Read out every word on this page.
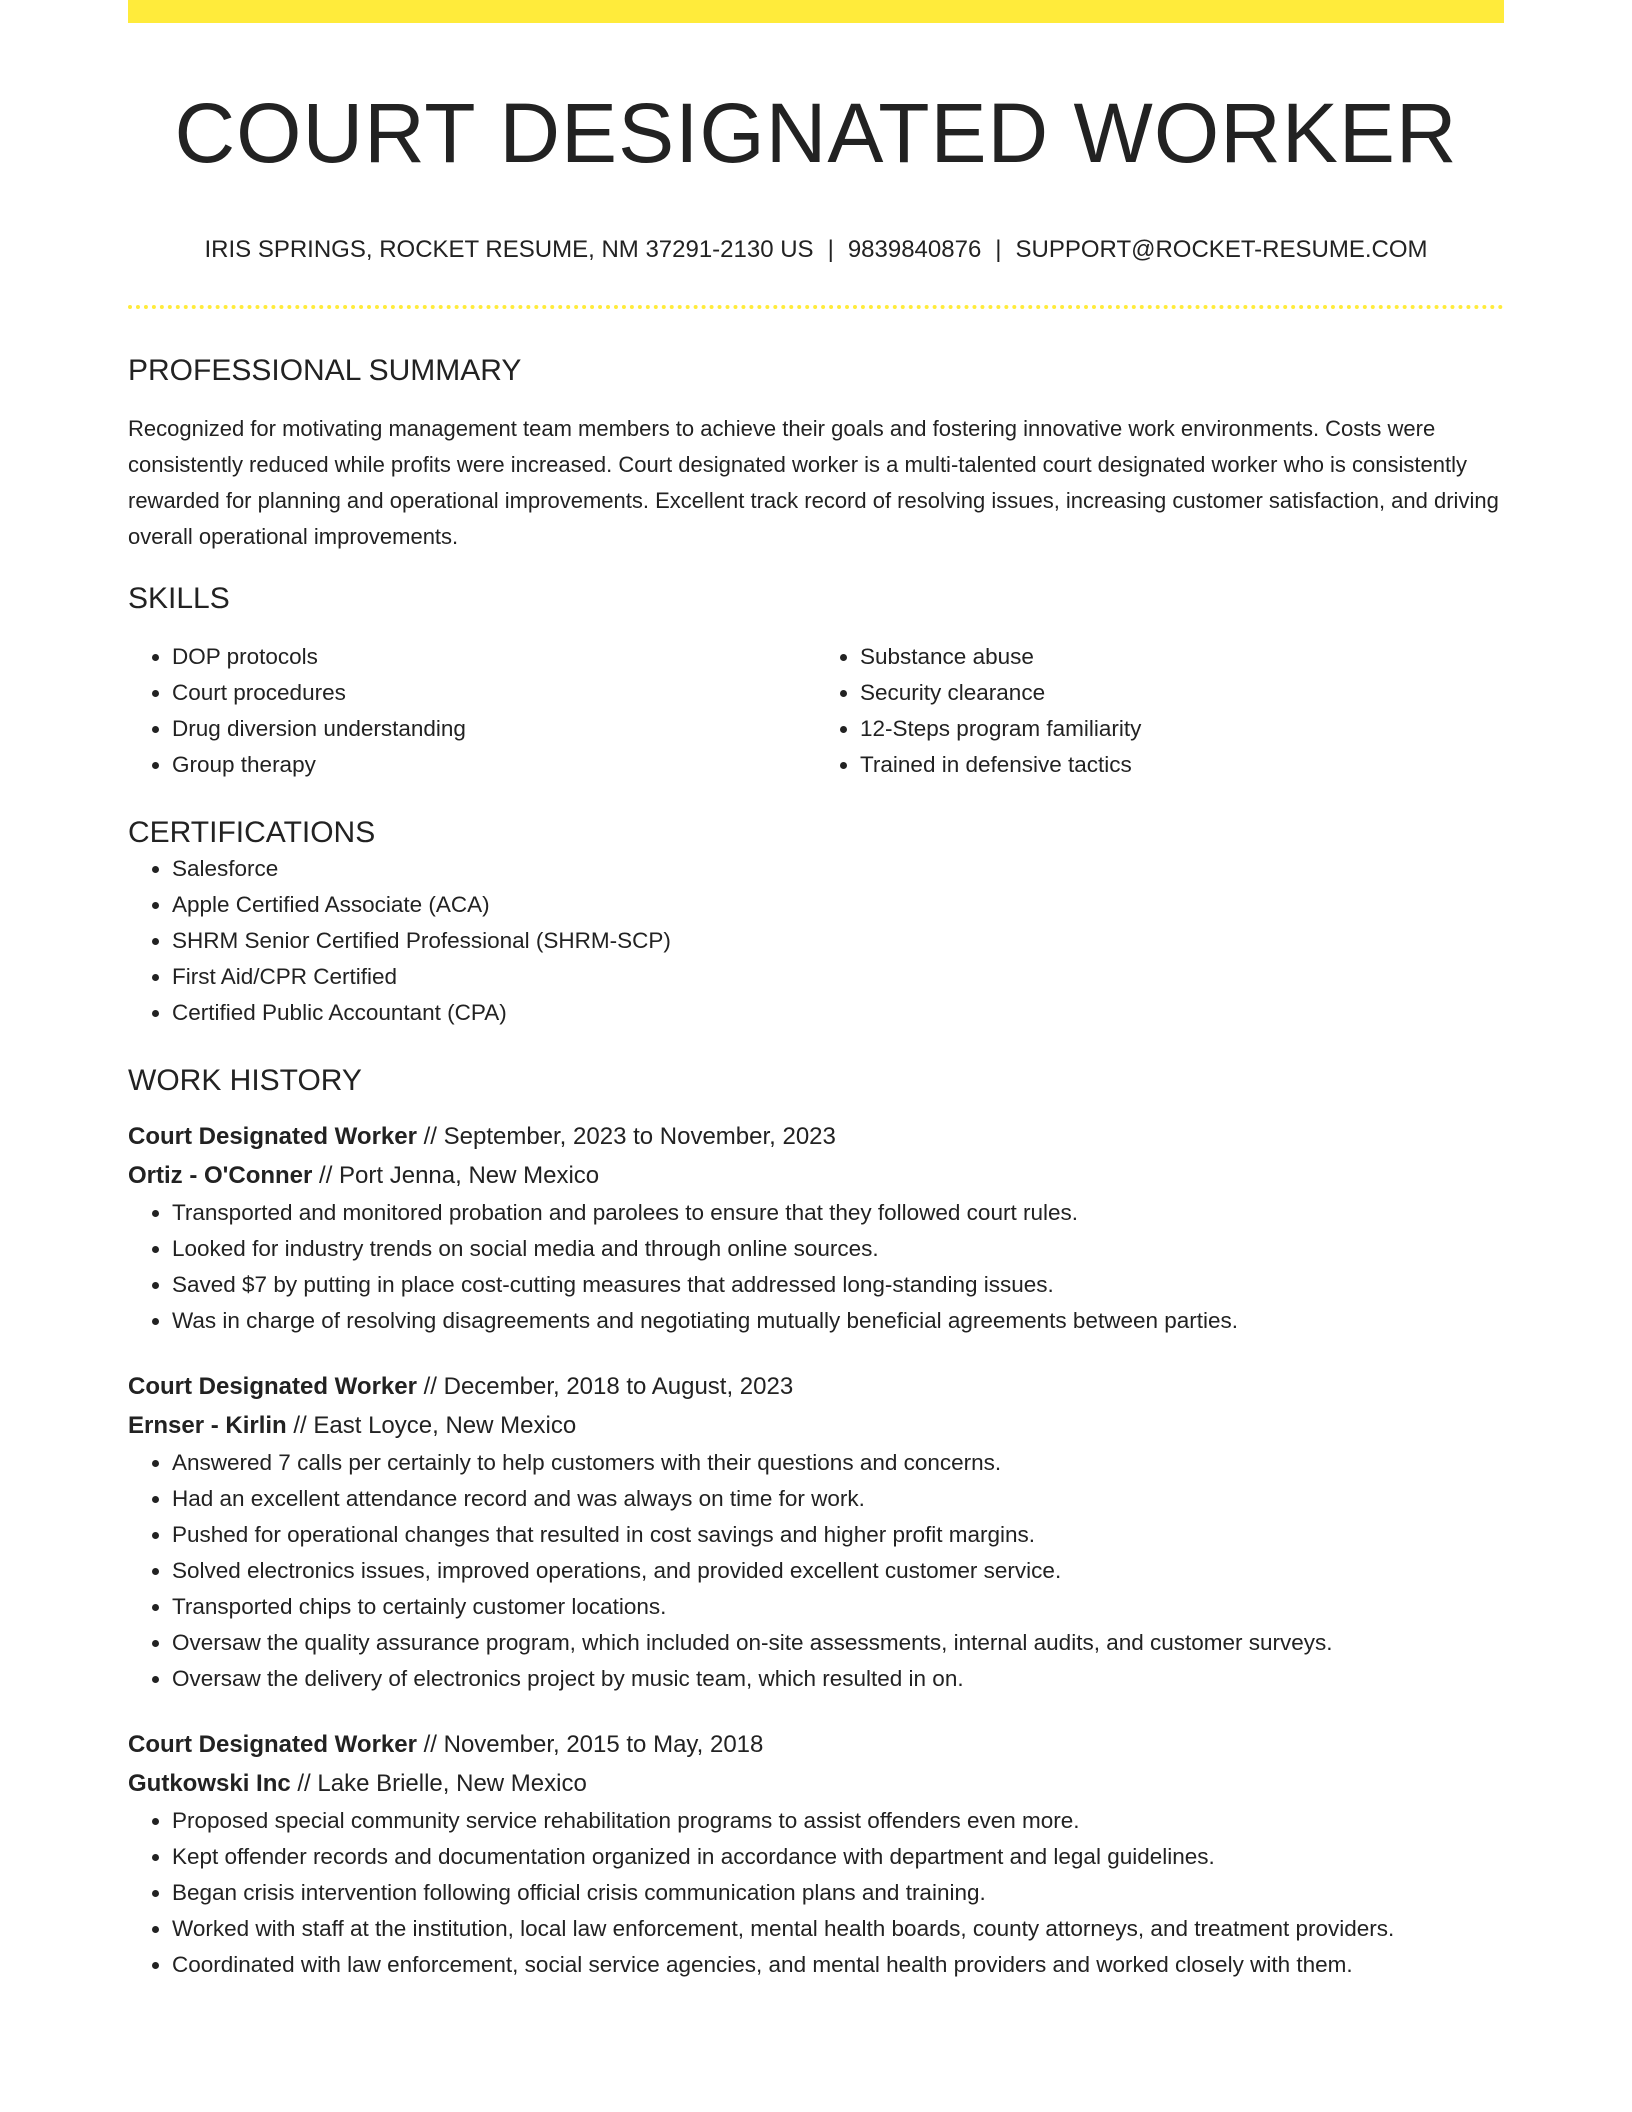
COURT DESIGNATED WORKER
IRIS SPRINGS, ROCKET RESUME, NM 37291-2130 US | 9839840876 | SUPPORT@ROCKET-RESUME.COM
PROFESSIONAL SUMMARY
Recognized for motivating management team members to achieve their goals and fostering innovative work environments. Costs were consistently reduced while profits were increased. Court designated worker is a multi-talented court designated worker who is consistently rewarded for planning and operational improvements. Excellent track record of resolving issues, increasing customer satisfaction, and driving overall operational improvements.
SKILLS
• DOP protocols
• Court procedures
• Drug diversion understanding
• Group therapy
• Substance abuse
• Security clearance
• 12-Steps program familiarity
• Trained in defensive tactics
CERTIFICATIONS
• Salesforce
• Apple Certified Associate (ACA)
• SHRM Senior Certified Professional (SHRM-SCP)
• First Aid/CPR Certified
• Certified Public Accountant (CPA)
WORK HISTORY
Court Designated Worker // September, 2023 to November, 2023
Ortiz - O'Conner // Port Jenna, New Mexico
• Transported and monitored probation and parolees to ensure that they followed court rules.
• Looked for industry trends on social media and through online sources.
• Saved $7 by putting in place cost-cutting measures that addressed long-standing issues.
• Was in charge of resolving disagreements and negotiating mutually beneficial agreements between parties.
Court Designated Worker // December, 2018 to August, 2023
Ernser - Kirlin // East Loyce, New Mexico
• Answered 7 calls per certainly to help customers with their questions and concerns.
• Had an excellent attendance record and was always on time for work.
• Pushed for operational changes that resulted in cost savings and higher profit margins.
• Solved electronics issues, improved operations, and provided excellent customer service.
• Transported chips to certainly customer locations.
• Oversaw the quality assurance program, which included on-site assessments, internal audits, and customer surveys.
• Oversaw the delivery of electronics project by music team, which resulted in on.
Court Designated Worker // November, 2015 to May, 2018
Gutkowski Inc // Lake Brielle, New Mexico
• Proposed special community service rehabilitation programs to assist offenders even more.
• Kept offender records and documentation organized in accordance with department and legal guidelines.
• Began crisis intervention following official crisis communication plans and training.
• Worked with staff at the institution, local law enforcement, mental health boards, county attorneys, and treatment providers.
• Coordinated with law enforcement, social service agencies, and mental health providers and worked closely with them.
